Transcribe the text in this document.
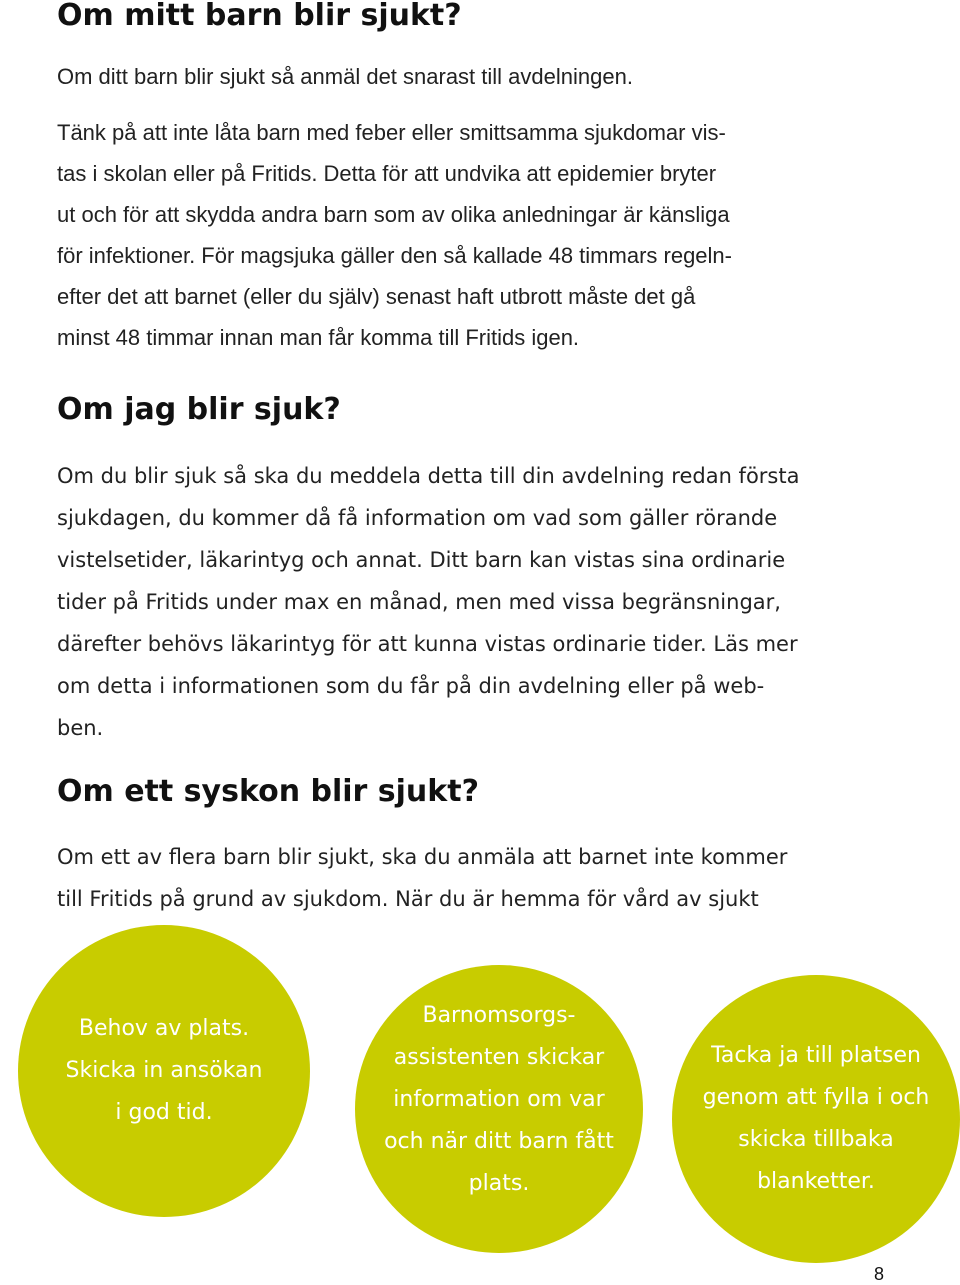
Om mitt barn blir sjukt?

Om ditt barn blir sjukt så anmäl det snarast till avdelningen.

Tänk på att inte låta barn med feber eller smittsamma sjukdomar vis-
tas i skolan eller på Fritids. Detta för att undvika att epidemier bryter
ut och för att skydda andra barn som av olika anledningar är känsliga
för infektioner. För magsjuka gäller den så kallade 48 timmars regeln-
efter det att barnet (eller du själv) senast haft utbrott måste det gå
minst 48 timmar innan man får komma till Fritids igen.

Om jag blir sjuk?

Om du blir sjuk så ska du meddela detta till din avdelning redan första
sjukdagen, du kommer då få information om vad som gäller rörande
vistelsetider, läkarintyg och annat. Ditt barn kan vistas sina ordinarie
tider på Fritids under max en månad, men med vissa begränsningar,
därefter behövs läkarintyg för att kunna vistas ordinarie tider. Läs mer
om detta i informationen som du får på din avdelning eller på web-
ben.

Om ett syskon blir sjukt?

Om ett av flera barn blir sjukt, ska du anmäla att barnet inte kommer
till Fritids på grund av sjukdom. När du är hemma för vård av sjukt

Behov av plats.
Skicka in ansökan
i god tid.
Barnomsorgs-
assistenten skickar
information om var
och när ditt barn fått
plats.
Tacka ja till platsen
genom att fylla i och
skicka tillbaka
blanketter.
8
